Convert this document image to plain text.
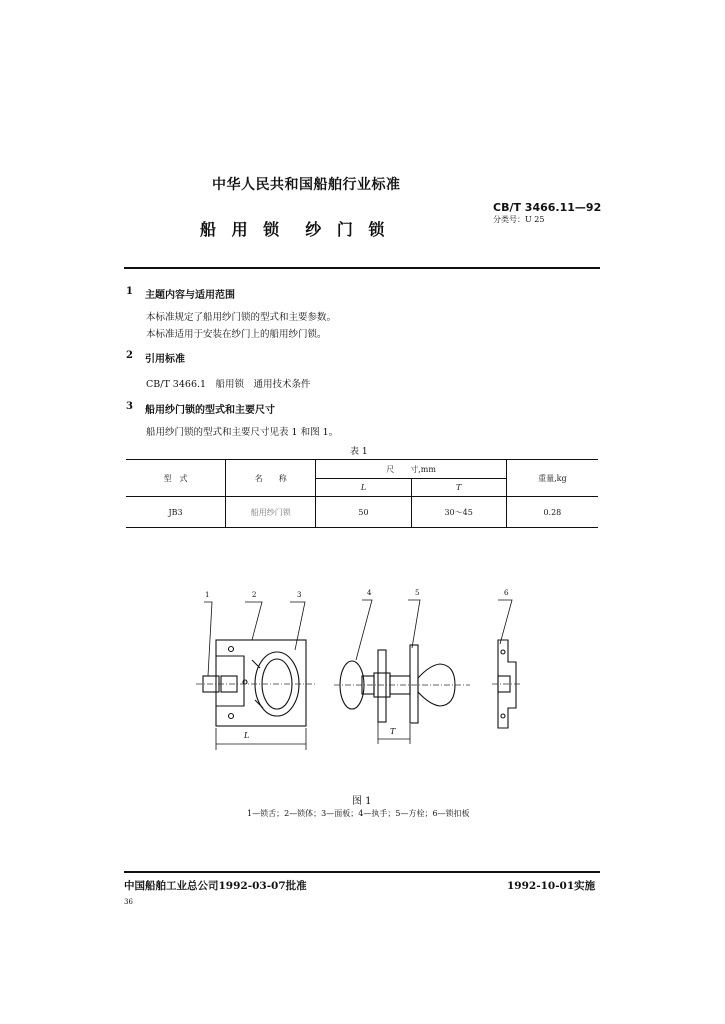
中华人民共和国船舶行业标准
船 用 锁  纱 门 锁
CB/T 3466.11—92
分类号：U 25
1 主题内容与适用范围
本标准规定了船用纱门锁的型式和主要参数。
本标准适用于安装在纱门上的船用纱门锁。
2 引用标准
CB/T 3466.1　船用锁　通用技术条件
3 船用纱门锁的型式和主要尺寸
船用纱门锁的型式和主要尺寸见表 1 和图 1。
表 1
型　式	名　　称	尺　　寸,mm		重量,kg
		L	T	
JB3	船用纱门锁	50	30～45	0.28
1	2	3	4	5	6
L	T
图 1
1—锁舌；2—锁体；3—面板；4—执手；5—方栓；6—锁扣板
中国船舶工业总公司1992-03-07批准	1992-10-01实施
36
